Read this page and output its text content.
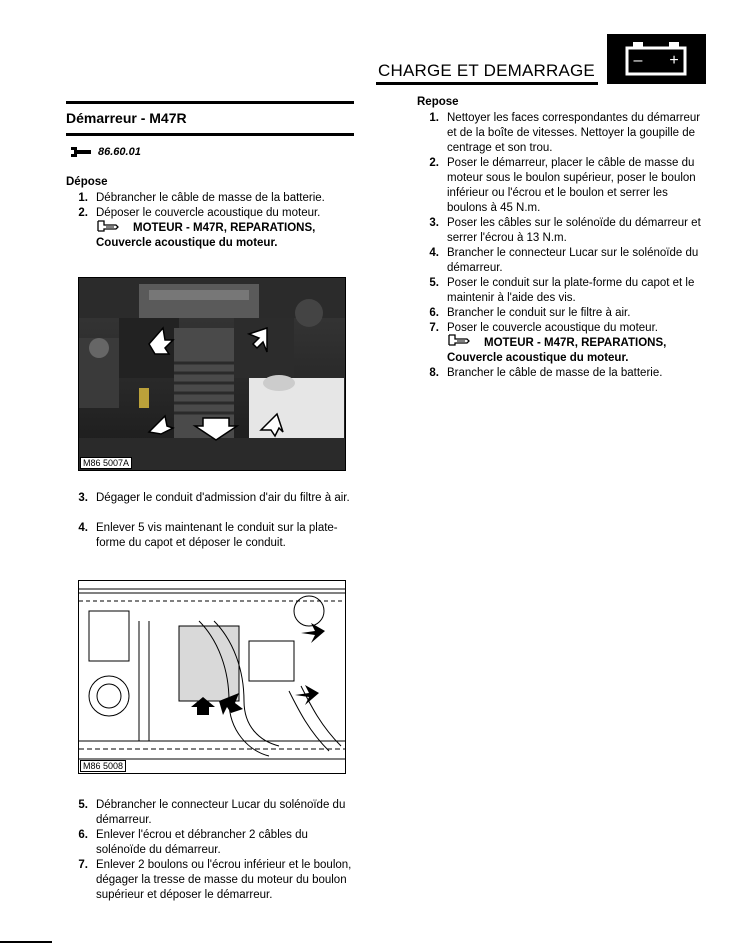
CHARGE ET DEMARRAGE
– +
Démarreur - M47R
86.60.01
Dépose
1. Débrancher le câble de masse de la batterie.
2. Déposer le couvercle acoustique du moteur.
MOTEUR - M47R, REPARATIONS,
Couvercle acoustique du moteur.
M86 5007A
3. Dégager le conduit d'admission d'air du filtre à air.
4. Enlever 5 vis maintenant le conduit sur la plate-forme du capot et déposer le conduit.
M86 5008
5. Débrancher le connecteur Lucar du solénoïde du démarreur.
6. Enlever l'écrou et débrancher 2 câbles du solénoïde du démarreur.
7. Enlever 2 boulons ou l'écrou inférieur et le boulon, dégager la tresse de masse du moteur du boulon supérieur et déposer le démarreur.
Repose
1. Nettoyer les faces correspondantes du démarreur et de la boîte de vitesses. Nettoyer la goupille de centrage et son trou.
2. Poser le démarreur, placer le câble de masse du moteur sous le boulon supérieur, poser le boulon inférieur ou l'écrou et le boulon et serrer les boulons à 45 N.m.
3. Poser les câbles sur le solénoïde du démarreur et serrer l'écrou à 13 N.m.
4. Brancher le connecteur Lucar sur le solénoïde du démarreur.
5. Poser le conduit sur la plate-forme du capot et le maintenir à l'aide des vis.
6. Brancher le conduit sur le filtre à air.
7. Poser le couvercle acoustique du moteur.
MOTEUR - M47R, REPARATIONS,
Couvercle acoustique du moteur.
8. Brancher le câble de masse de la batterie.
